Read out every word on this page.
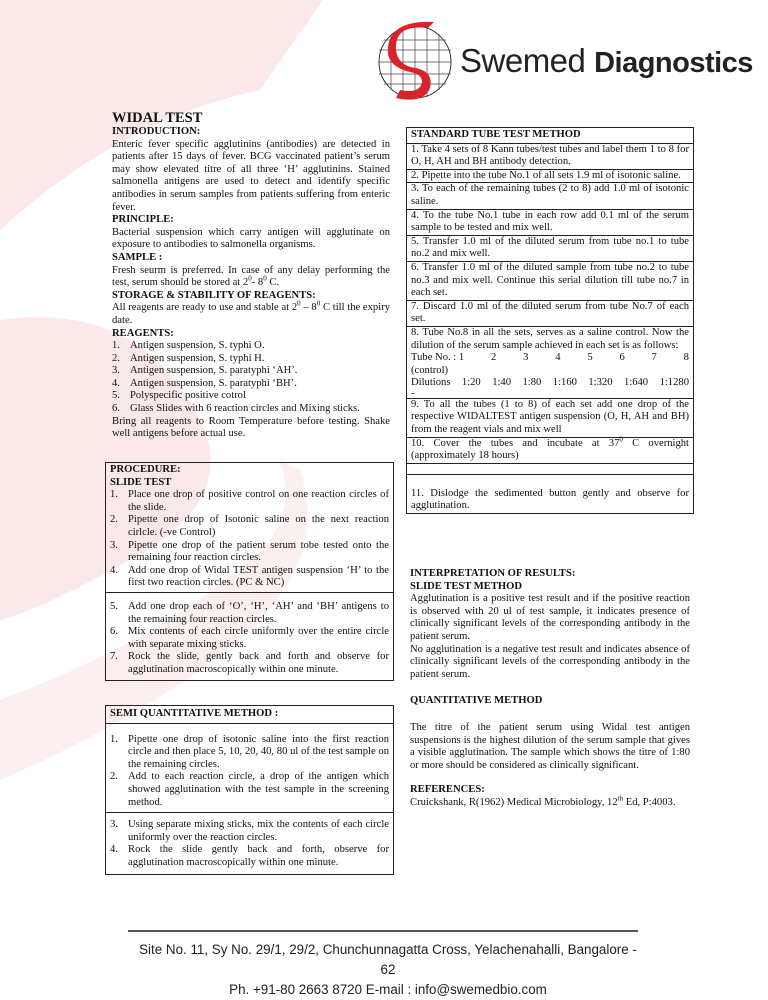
Swemed Diagnostics

WIDAL TEST

INTRODUCTION:

Enteric fever specific agglutinins (antibodies) are detected in patients after 15 days of fever. BCG vaccinated patient’s serum may show elevated titre of all three ‘H’ agglutinins. Stained salmonella antigens are used to detect and identify specific antibodies in serum samples from patients suffering from enteric fever.

PRINCIPLE:

Bacterial suspension which carry antigen will agglutinate on exposure to antibodies to salmonella organisms.

SAMPLE :

Fresh seurm is preferred. In case of any delay performing the test, serum should be stored at $2^0-$ $8^0$ C.

STORAGE & STABILITY OF REAGENTS:

All reagents are ready to use and stable at $2^0 - 8^0$ C till the expiry date.

REAGENTS:

1. Antigen suspension, S. typhi O.
2. Antigen suspension, S. typhi H.
3. Antigen suspension, S. paratyphi ‘AH’.
4. Antigen suspension, S. paratyphi ‘BH’.
5. Polyspecific positive cotrol
6. Glass Slides with 6 reaction circles and Mixing sticks.

Bring all reagents to Room Temperature before testing. Shake well antigens before actual use.

PROCEDURE:

SLIDE TEST

1. Place one drop of positive control on one reaction circles of the slide.
2. Pipette one drop of Isotonic saline on the next reaction cirlcle. (-ve Control)
3. Pipette one drop of the patient serum tobe tested onto the remaining four reaction circles.
4. Add one drop of Widal TEST antigen suspension ‘H’ to the first two reaction circles. (PC & NC)
5. Add one drop each of ‘O’, ‘H’, ‘AH’ and ‘BH’ antigens to the remaining four reaction circles.
6. Mix contents of each circle uniformly over the entire circle with separate mixing sticks.
7. Rock the slide, gently back and forth and observe for agglutination macroscopically within one minute.
SEMI QUANTITATIVE METHOD :
1. Pipette one drop of isotonic saline into the first reaction circle and then place 5, 10, 20, 40, 80 ul of the test sample on the remaining circles.
2. Add to each reaction circle, a drop of the antigen which showed agglutination with the test sample in the screening method.
3. Using separate mixing sticks, mix the contents of each circle uniformly over the reaction circles.
4. Rock the slide gently back and forth, observe for agglutination macroscopically within one minute.
STANDARD TUBE TEST METHOD
1. Take 4 sets of 8 Kann tubes/test tubes and label them 1 to 8 for O, H, AH and BH antibody detection.
2. Pipette into the tube No.1 of all sets 1.9 ml of isotonic saline.
3. To each of the remaining tubes (2 to 8) add 1.0 ml of isotonic saline.
4. To the tube No.1 tube in each row add 0.1 ml of the serum sample to be tested and mix well.
5. Transfer 1.0 ml of the diluted serum from tube no.1 to tube no.2 and mix well.
6. Transfer 1.0 ml of the diluted sample from tube no.2 to tube no.3 and mix well. Continue this serial dilution till tube no.7 in each set.
7. Discard 1.0 ml of the diluted serum from tube No.7 of each set.
8. Tube No.8 in all the sets, serves as a saline control. Now the dilution of the serum sample achieved in each set is as follows:
Tube No. : 1	2	3	4	5	6	7	8
(control)
Dilutions 1:20 1:40 1:80 1:160 1:320 1:640 1:1280
-
9. To all the tubes (1 to 8) of each set add one drop of the respective WIDALTEST antigen suspension (O, H, AH and BH) from the reagent vials and mix well
10. Cover the tubes and incubate at $37^0$ C overnight (approximately 18 hours)
11. Dislodge the sedimented button gently and observe for agglutination.

INTERPRETATION OF RESULTS:

SLIDE TEST METHOD

Agglutination is a positive test result and if the positive reaction is observed with 20 ul of test sample, it indicates presence of clinically significant levels of the corresponding antibody in the patient serum.

No agglutination is a negative test result and indicates absence of clinically significant levels of the corresponding antibody in the patient serum.

QUANTITATIVE METHOD

The titre of the patient serum using Widal test antigen suspensions is the highest dilution of the serum sample that gives a visible agglutination. The sample which shows the titre of 1:80 or more should be considered as clinically significant.

REFERENCES:

Cruickshank, R(1962) Medical Microbiology, 12th Ed, P:4003.

Site No. 11, Sy No. 29/1, 29/2, Chunchunnagatta Cross, Yelachenahalli, Bangalore - 62
Ph. +91-80 2663 8720 E-mail : info@swemedbio.com
